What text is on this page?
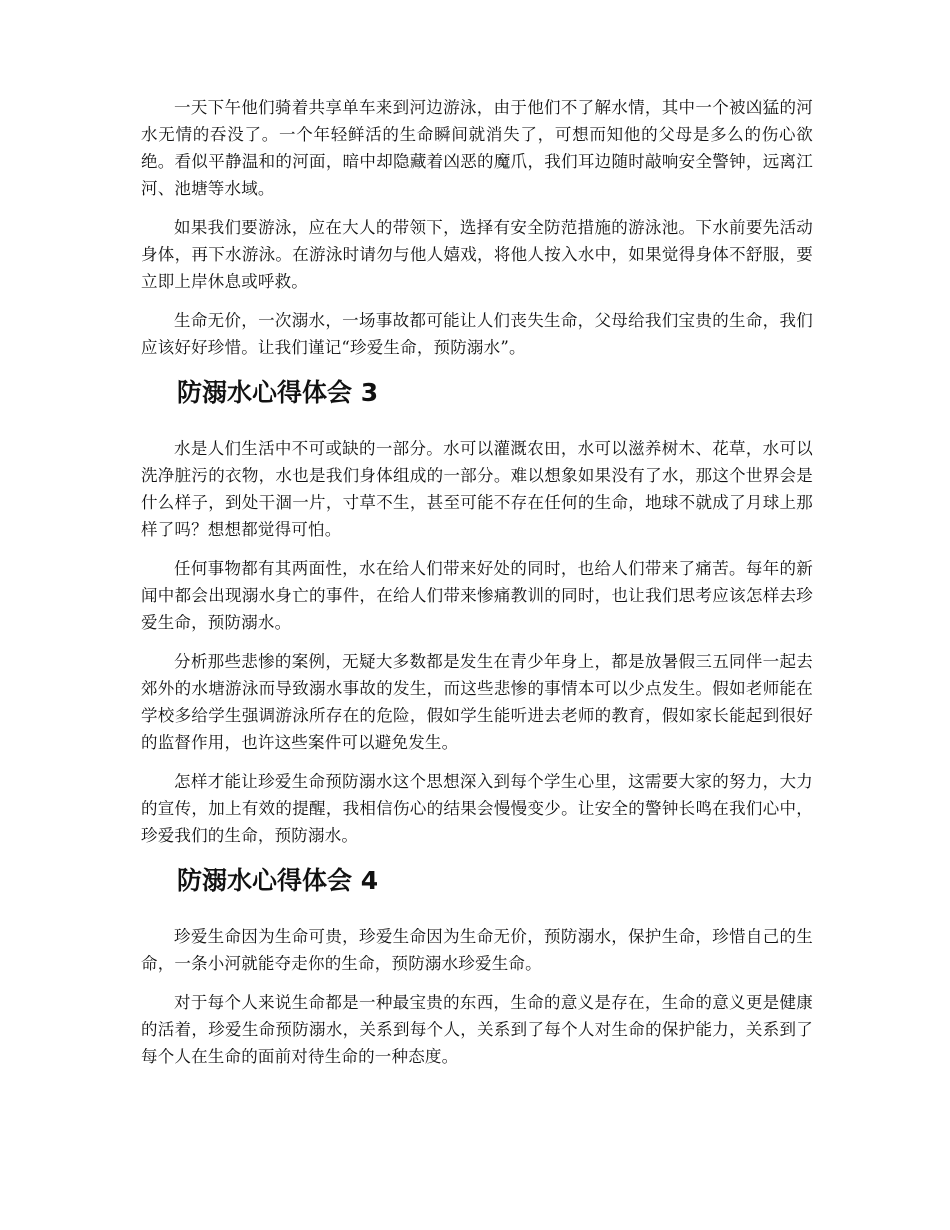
一天下午他们骑着共享单车来到河边游泳，由于他们不了解水情，其中一个被凶猛的河水无情的吞没了。一个年轻鲜活的生命瞬间就消失了，可想而知他的父母是多么的伤心欲绝。看似平静温和的河面，暗中却隐藏着凶恶的魔爪，我们耳边随时敲响安全警钟，远离江河、池塘等水域。

如果我们要游泳，应在大人的带领下，选择有安全防范措施的游泳池。下水前要先活动身体，再下水游泳。在游泳时请勿与他人嬉戏，将他人按入水中，如果觉得身体不舒服，要立即上岸休息或呼救。

生命无价，一次溺水，一场事故都可能让人们丧失生命，父母给我们宝贵的生命，我们应该好好珍惜。让我们谨记“珍爱生命，预防溺水”。

防溺水心得体会 3

水是人们生活中不可或缺的一部分。水可以灌溉农田，水可以滋养树木、花草，水可以洗净脏污的衣物，水也是我们身体组成的一部分。难以想象如果没有了水，那这个世界会是什么样子，到处干涸一片，寸草不生，甚至可能不存在任何的生命，地球不就成了月球上那样了吗？想想都觉得可怕。

任何事物都有其两面性，水在给人们带来好处的同时，也给人们带来了痛苦。每年的新闻中都会出现溺水身亡的事件，在给人们带来惨痛教训的同时，也让我们思考应该怎样去珍爱生命，预防溺水。

分析那些悲惨的案例，无疑大多数都是发生在青少年身上，都是放暑假三五同伴一起去郊外的水塘游泳而导致溺水事故的发生，而这些悲惨的事情本可以少点发生。假如老师能在学校多给学生强调游泳所存在的危险，假如学生能听进去老师的教育，假如家长能起到很好的监督作用，也许这些案件可以避免发生。

怎样才能让珍爱生命预防溺水这个思想深入到每个学生心里，这需要大家的努力，大力的宣传，加上有效的提醒，我相信伤心的结果会慢慢变少。让安全的警钟长鸣在我们心中，珍爱我们的生命，预防溺水。

防溺水心得体会 4

珍爱生命因为生命可贵，珍爱生命因为生命无价，预防溺水，保护生命，珍惜自己的生命，一条小河就能夺走你的生命，预防溺水珍爱生命。

对于每个人来说生命都是一种最宝贵的东西，生命的意义是存在，生命的意义更是健康的活着，珍爱生命预防溺水，关系到每个人，关系到了每个人对生命的保护能力，关系到了每个人在生命的面前对待生命的一种态度。
